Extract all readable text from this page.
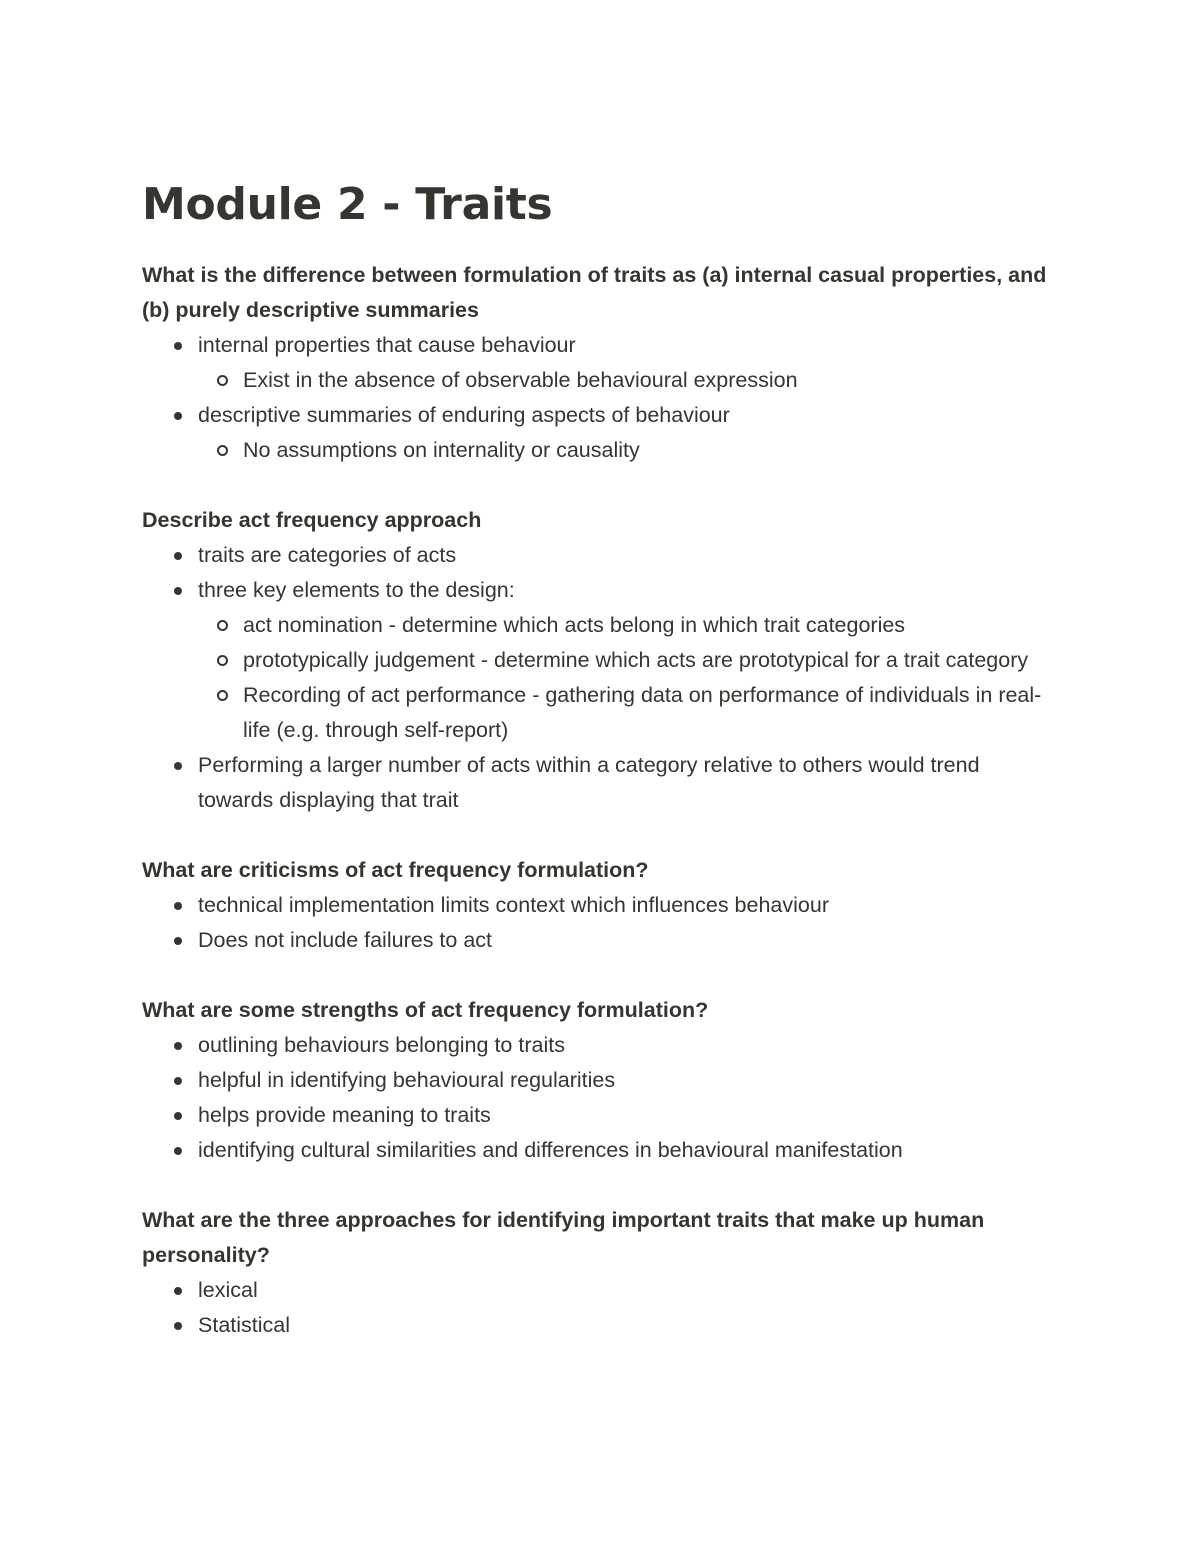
Module 2 - Traits

What is the difference between formulation of traits as (a) internal casual properties, and (b) purely descriptive summaries

internal properties that cause behaviour
Exist in the absence of observable behavioural expression
descriptive summaries of enduring aspects of behaviour
No assumptions on internality or causality

Describe act frequency approach

traits are categories of acts
three key elements to the design:
act nomination - determine which acts belong in which trait categories
prototypically judgement - determine which acts are prototypical for a trait category
Recording of act performance - gathering data on performance of individuals in real-life (e.g. through self-report)
Performing a larger number of acts within a category relative to others would trend towards displaying that trait

What are criticisms of act frequency formulation?

technical implementation limits context which influences behaviour
Does not include failures to act

What are some strengths of act frequency formulation?

outlining behaviours belonging to traits
helpful in identifying behavioural regularities
helps provide meaning to traits
identifying cultural similarities and differences in behavioural manifestation

What are the three approaches for identifying important traits that make up human personality?

lexical
Statistical
